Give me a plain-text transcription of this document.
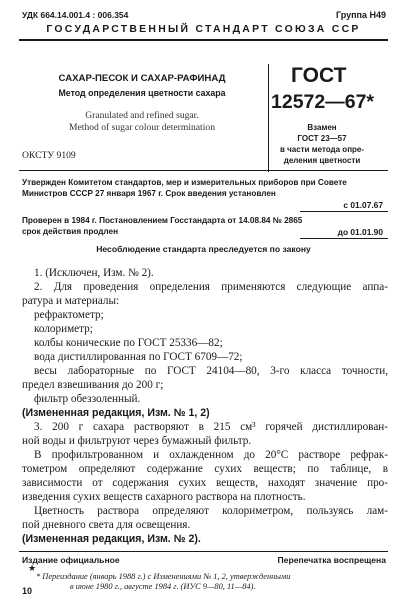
УДК 664.14.001.4 : 006.354	Группа Н49
ГОСУДАРСТВЕННЫЙ СТАНДАРТ СОЮЗА ССР
САХАР-ПЕСОК И САХАР-РАФИНАД
Метод определения цветности сахара
Granulated and refined sugar.
Method of sugar colour determination
ОКСТУ 9109
ГОСТ
12572—67*
Взамен
ГОСТ 23—57
в части метода опре-
деления цветности
Утвержден Комитетом стандартов, мер и измерительных приборов при Совете
Министров СССР 27 января 1967 г. Срок введения установлен
с 01.07.67
Проверен в 1984 г. Постановлением Госстандарта от 14.08.84 № 2865
срок действия продлен	до 01.01.90
Несоблюдение стандарта преследуется по закону
1. (Исключен, Изм. № 2).
2. Для проведения определения применяются следующие аппа-
ратура и материалы:
рефрактометр;
колориметр;
колбы конические по ГОСТ 25336—82;
вода дистиллированная по ГОСТ 6709—72;
весы лабораторные по ГОСТ 24104—80, 3-го класса точности,
предел взвешивания до 200 г;
фильтр обеззоленный.
(Измененная редакция, Изм. № 1, 2)
3. 200 г сахара растворяют в 215 см³ горячей дистиллирован-
ной воды и фильтруют через бумажный фильтр.
В профильтрованном и охлажденном до 20°С растворе рефрак-
тометром определяют содержание сухих веществ; по таблице, в
зависимости от содержания сухих веществ, находят значение про-
изведения сухих веществ сахарного раствора на плотность.
Цветность раствора определяют колориметром, пользуясь лам-
пой дневного света для освещения.
(Измененная редакция, Изм. № 2).
Издание официальное	Перепечатка воспрещена
★
* Переиздание (январь 1988 г.) с Изменениями № 1, 2, утвержденными
в июне 1980 г., августе 1984 г. (ИУС 9—80, 11—84).
10
